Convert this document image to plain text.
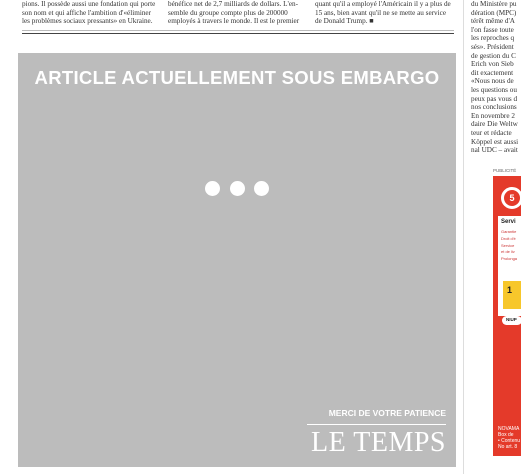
pions. Il possède aussi une fondation qui porte

son nom et qui affiche l'ambition d'«éliminer

les problèmes sociaux pressants» en Ukraine.

bénéfice net de 2,7 milliards de dollars. L'en-

semble du groupe compte plus de 200000

employés à travers le monde. Il est le premier

quant qu'il a employé l'Américain il y a plus de

15 ans, bien avant qu'il ne se mette au service

de Donald Trump. ■

du Ministère pu

dération (MPC)

térêt même d'A

l'on fasse toute

les reproches q

sés». Président

de gestion du C

Erich von Sieb

dit exactement

«Nous nous de

les questions ou

peux pas vous d

nos conclusions

En novembre 2

daire Die Weltw

teur et rédacte

Köppel est aussi

nal UDC – avait

ARTICLE ACTUELLEMENT SOUS EMBARGO
MERCI DE VOTRE PATIENCE
LE TEMPS
PUBLICITÉ
5
Servi
Garantie
Droit d'é
Service
et de liv
Prolonga
1
NIUP
NOVAMA
Box de
• Contenu
No art. 8
